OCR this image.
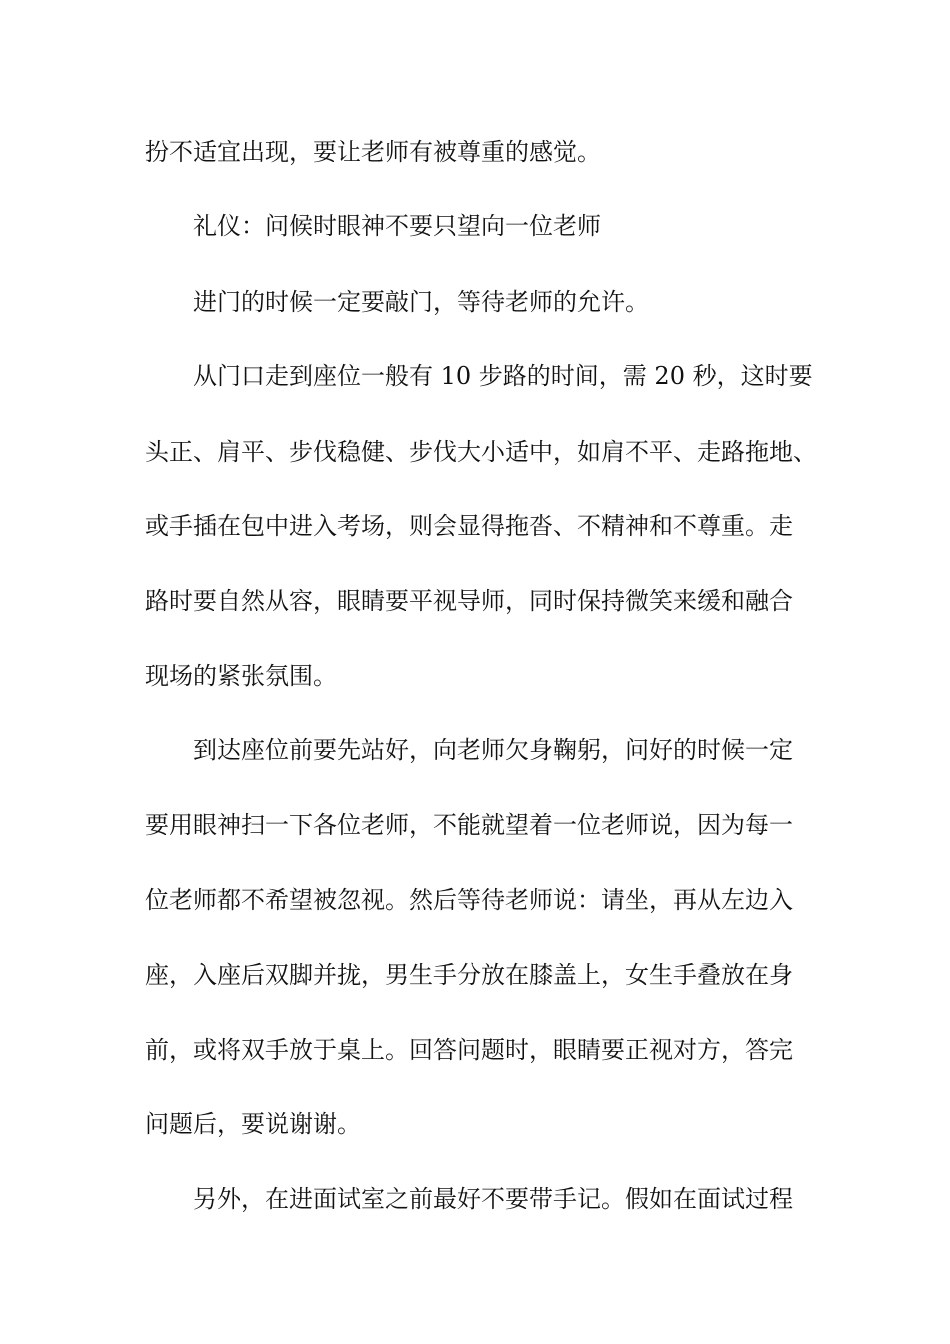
扮不适宜出现，要让老师有被尊重的感觉。
礼仪：问候时眼神不要只望向一位老师
进门的时候一定要敲门，等待老师的允许。
从门口走到座位一般有 10 步路的时间，需 20 秒，这时要
头正、肩平、步伐稳健、步伐大小适中，如肩不平、走路拖地、
或手插在包中进入考场，则会显得拖沓、不精神和不尊重。走
路时要自然从容，眼睛要平视导师，同时保持微笑来缓和融合
现场的紧张氛围。
到达座位前要先站好，向老师欠身鞠躬，问好的时候一定
要用眼神扫一下各位老师，不能就望着一位老师说，因为每一
位老师都不希望被忽视。然后等待老师说：请坐，再从左边入
座，入座后双脚并拢，男生手分放在膝盖上，女生手叠放在身
前，或将双手放于桌上。回答问题时，眼睛要正视对方，答完
问题后，要说谢谢。
另外，在进面试室之前最好不要带手记。假如在面试过程
